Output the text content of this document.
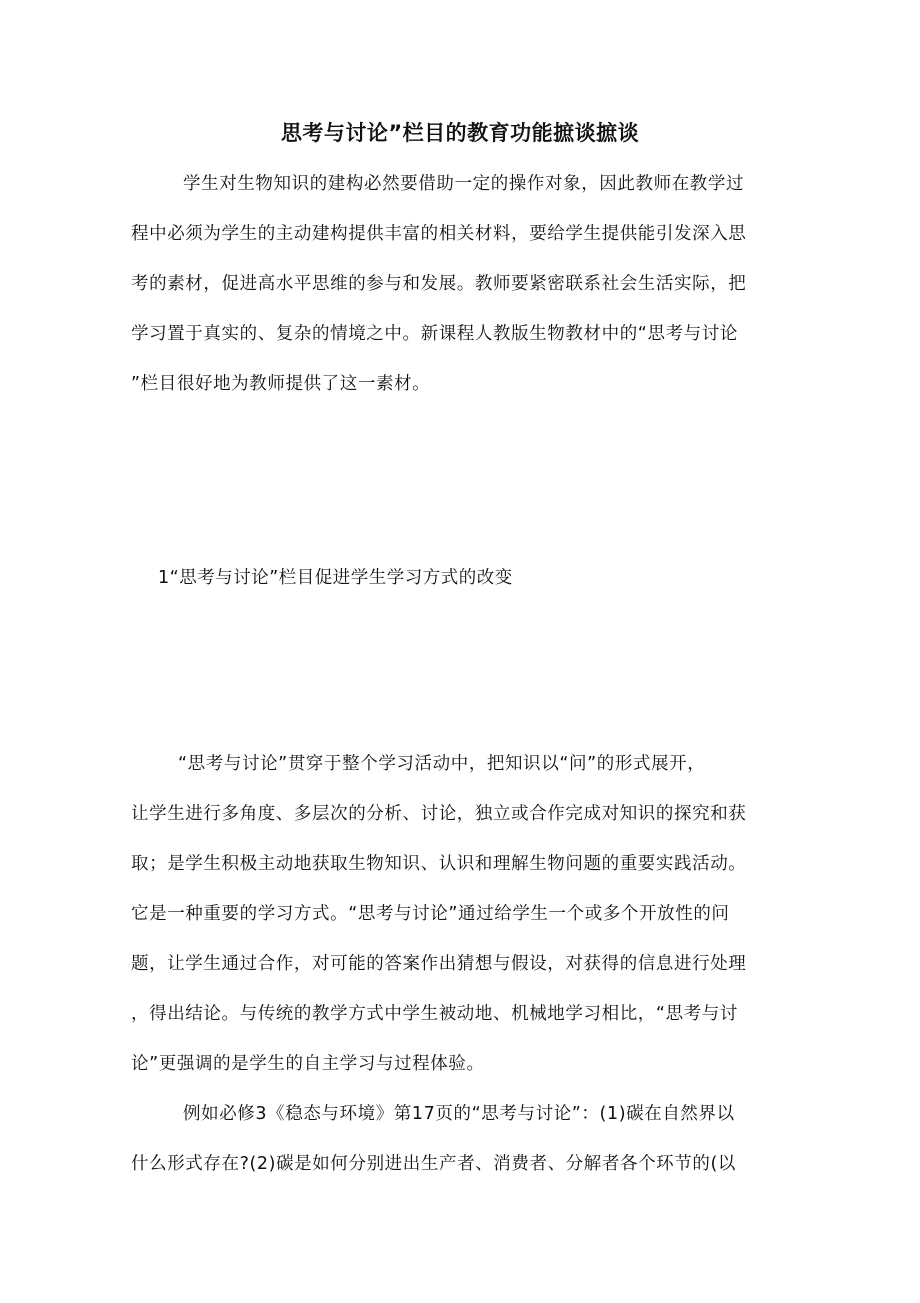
思考与讨论”栏目的教育功能摭谈摭谈
学生对生物知识的建构必然要借助一定的操作对象，因此教师在教学过
程中必须为学生的主动建构提供丰富的相关材料，要给学生提供能引发深入思
考的素材，促进高水平思维的参与和发展。教师要紧密联系社会生活实际，把
学习置于真实的、复杂的情境之中。新课程人教版生物教材中的“思考与讨论
”栏目很好地为教师提供了这一素材。
1“思考与讨论”栏目促进学生学习方式的改变
“思考与讨论”贯穿于整个学习活动中，把知识以“问”的形式展开，
让学生进行多角度、多层次的分析、讨论，独立或合作完成对知识的探究和获
取；是学生积极主动地获取生物知识、认识和理解生物问题的重要实践活动。
它是一种重要的学习方式。“思考与讨论”通过给学生一个或多个开放性的问
题，让学生通过合作，对可能的答案作出猜想与假设，对获得的信息进行处理
，得出结论。与传统的教学方式中学生被动地、机械地学习相比，“思考与讨
论”更强调的是学生的自主学习与过程体验。
例如必修3《稳态与环境》第17页的“思考与讨论”：(1)碳在自然界以
什么形式存在?(2)碳是如何分别进出生产者、消费者、分解者各个环节的(以
